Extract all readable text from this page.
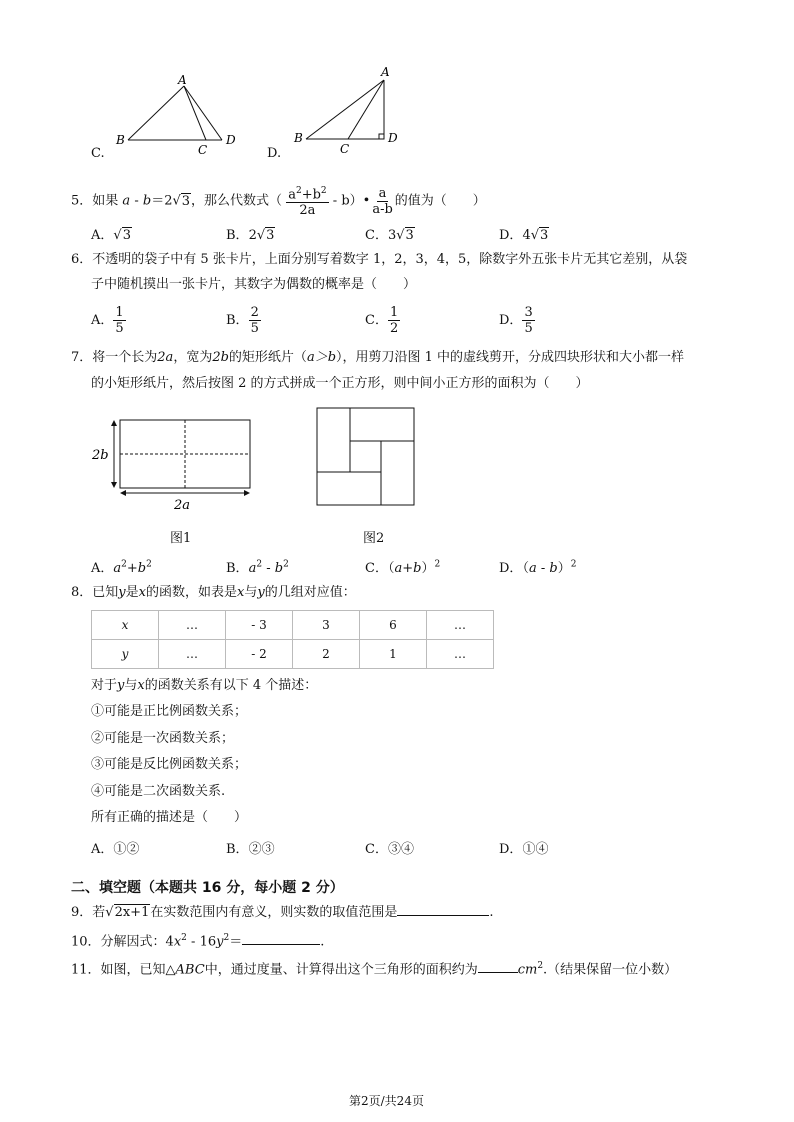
C.
A
B
C
D
D.
A
B
C
D
5．如果 a - b＝2√3，那么代数式（ $\frac{a^2+b^2}{2a}$ - b）• $\frac{a}{a-b}$ 的值为（　　）
A．√3	B．2√3	C．3√3	D．4√3
6．不透明的袋子中有 5 张卡片，上面分别写着数字 1，2，3，4，5，除数字外五张卡片无其它差别，从袋
子中随机摸出一张卡片，其数字为偶数的概率是（　　）
A． $\frac{1}{5}$	B． $\frac{2}{5}$	C． $\frac{1}{2}$	D． $\frac{3}{5}$
7．将一个长为2a，宽为2b的矩形纸片（a＞b），用剪刀沿图 1 中的虚线剪开，分成四块形状和大小都一样
的小矩形纸片，然后按图 2 的方式拼成一个正方形，则中间小正方形的面积为（　　）
2b
2a
图1	图2
A．$a^2+b^2$	B．$a^2 - b^2$	C．$(a+b)^2$	D．（a - b）$^2$
8．已知y是x的函数，如表是x与y的几组对应值：
x	…	- 3	3	6	…
y	…	- 2	2	1	…
对于y与x的函数关系有以下 4 个描述：
①可能是正比例函数关系；
②可能是一次函数关系；
③可能是反比例函数关系；
④可能是二次函数关系.
所有正确的描述是（　　）
A．①②	B．②③	C．③④	D．①④
二、填空题（本题共 16 分，每小题 2 分）
9．若√2x+1在实数范围内有意义，则实数的取值范围是	.
10．分解因式：$4x^2 - 16y^2=$	.
11．如图，已知△ABC中，通过度量、计算得出这个三角形的面积约为	$cm^2$.（结果保留一位小数）
第2页/共24页
